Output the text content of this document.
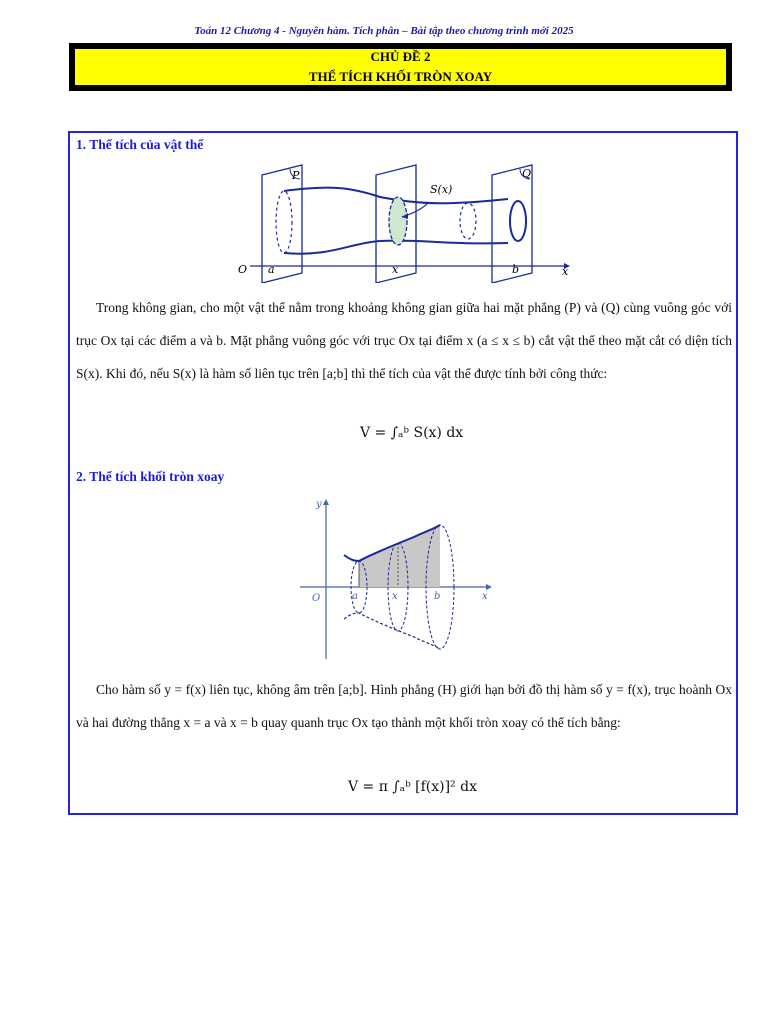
Toán 12 Chương 4 - Nguyên hàm. Tích phân – Bài tập theo chương trình mới 2025
CHỦ ĐỀ 2
THỂ TÍCH KHỐI TRÒN XOAY
1. Thể tích của vật thể
P	Q
S(x)
O a	x	b	x
Trong không gian, cho một vật thể nằm trong khoảng không gian giữa hai mặt phẳng (P) và (Q) cùng vuông góc với trục Ox tại các điểm a và b. Mặt phẳng vuông góc với trục Ox tại điểm x (a ≤ x ≤ b) cắt vật thể theo mặt cắt có diện tích S(x). Khi đó, nếu S(x) là hàm số liên tục trên [a;b] thì thể tích của vật thể được tính bởi công thức:
V = ∫ₐᵇ S(x) dx
2. Thể tích khối tròn xoay
y = f(x)
y
O	a	x	b	x
Cho hàm số y = f(x) liên tục, không âm trên [a;b]. Hình phẳng (H) giới hạn bởi đồ thị hàm số y = f(x), trục hoành Ox và hai đường thẳng x = a và x = b quay quanh trục Ox tạo thành một khối tròn xoay có thể tích bằng:
V = π ∫ₐᵇ [f(x)]² dx
